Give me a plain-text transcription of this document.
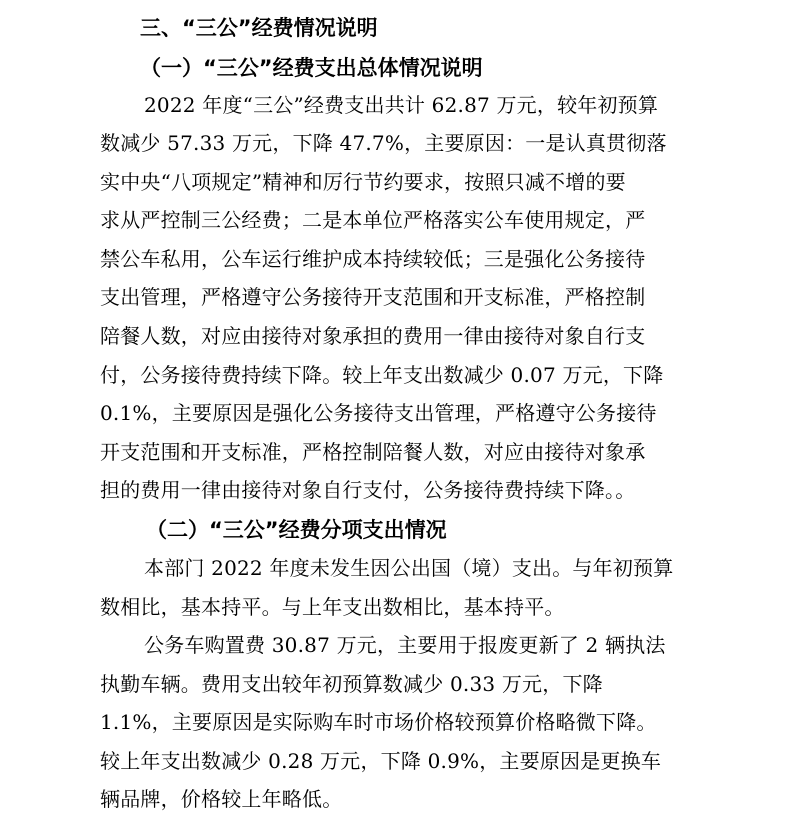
三、“三公”经费情况说明
（一）“三公”经费支出总体情况说明
2022 年度“三公”经费支出共计 62.87 万元，较年初预算
数减少 57.33 万元，下降 47.7%，主要原因：一是认真贯彻落
实中央“八项规定”精神和厉行节约要求，按照只减不增的要
求从严控制三公经费；二是本单位严格落实公车使用规定，严
禁公车私用，公车运行维护成本持续较低；三是强化公务接待
支出管理，严格遵守公务接待开支范围和开支标准，严格控制
陪餐人数，对应由接待对象承担的费用一律由接待对象自行支
付，公务接待费持续下降。较上年支出数减少 0.07 万元，下降
0.1%，主要原因是强化公务接待支出管理，严格遵守公务接待
开支范围和开支标准，严格控制陪餐人数，对应由接待对象承
担的费用一律由接待对象自行支付，公务接待费持续下降。。
（二）“三公”经费分项支出情况
本部门 2022 年度未发生因公出国（境）支出。与年初预算
数相比，基本持平。与上年支出数相比，基本持平。
公务车购置费 30.87 万元，主要用于报废更新了 2 辆执法
执勤车辆。费用支出较年初预算数减少 0.33 万元，下降
1.1%，主要原因是实际购车时市场价格较预算价格略微下降。
较上年支出数减少 0.28 万元，下降 0.9%，主要原因是更换车
辆品牌，价格较上年略低。
